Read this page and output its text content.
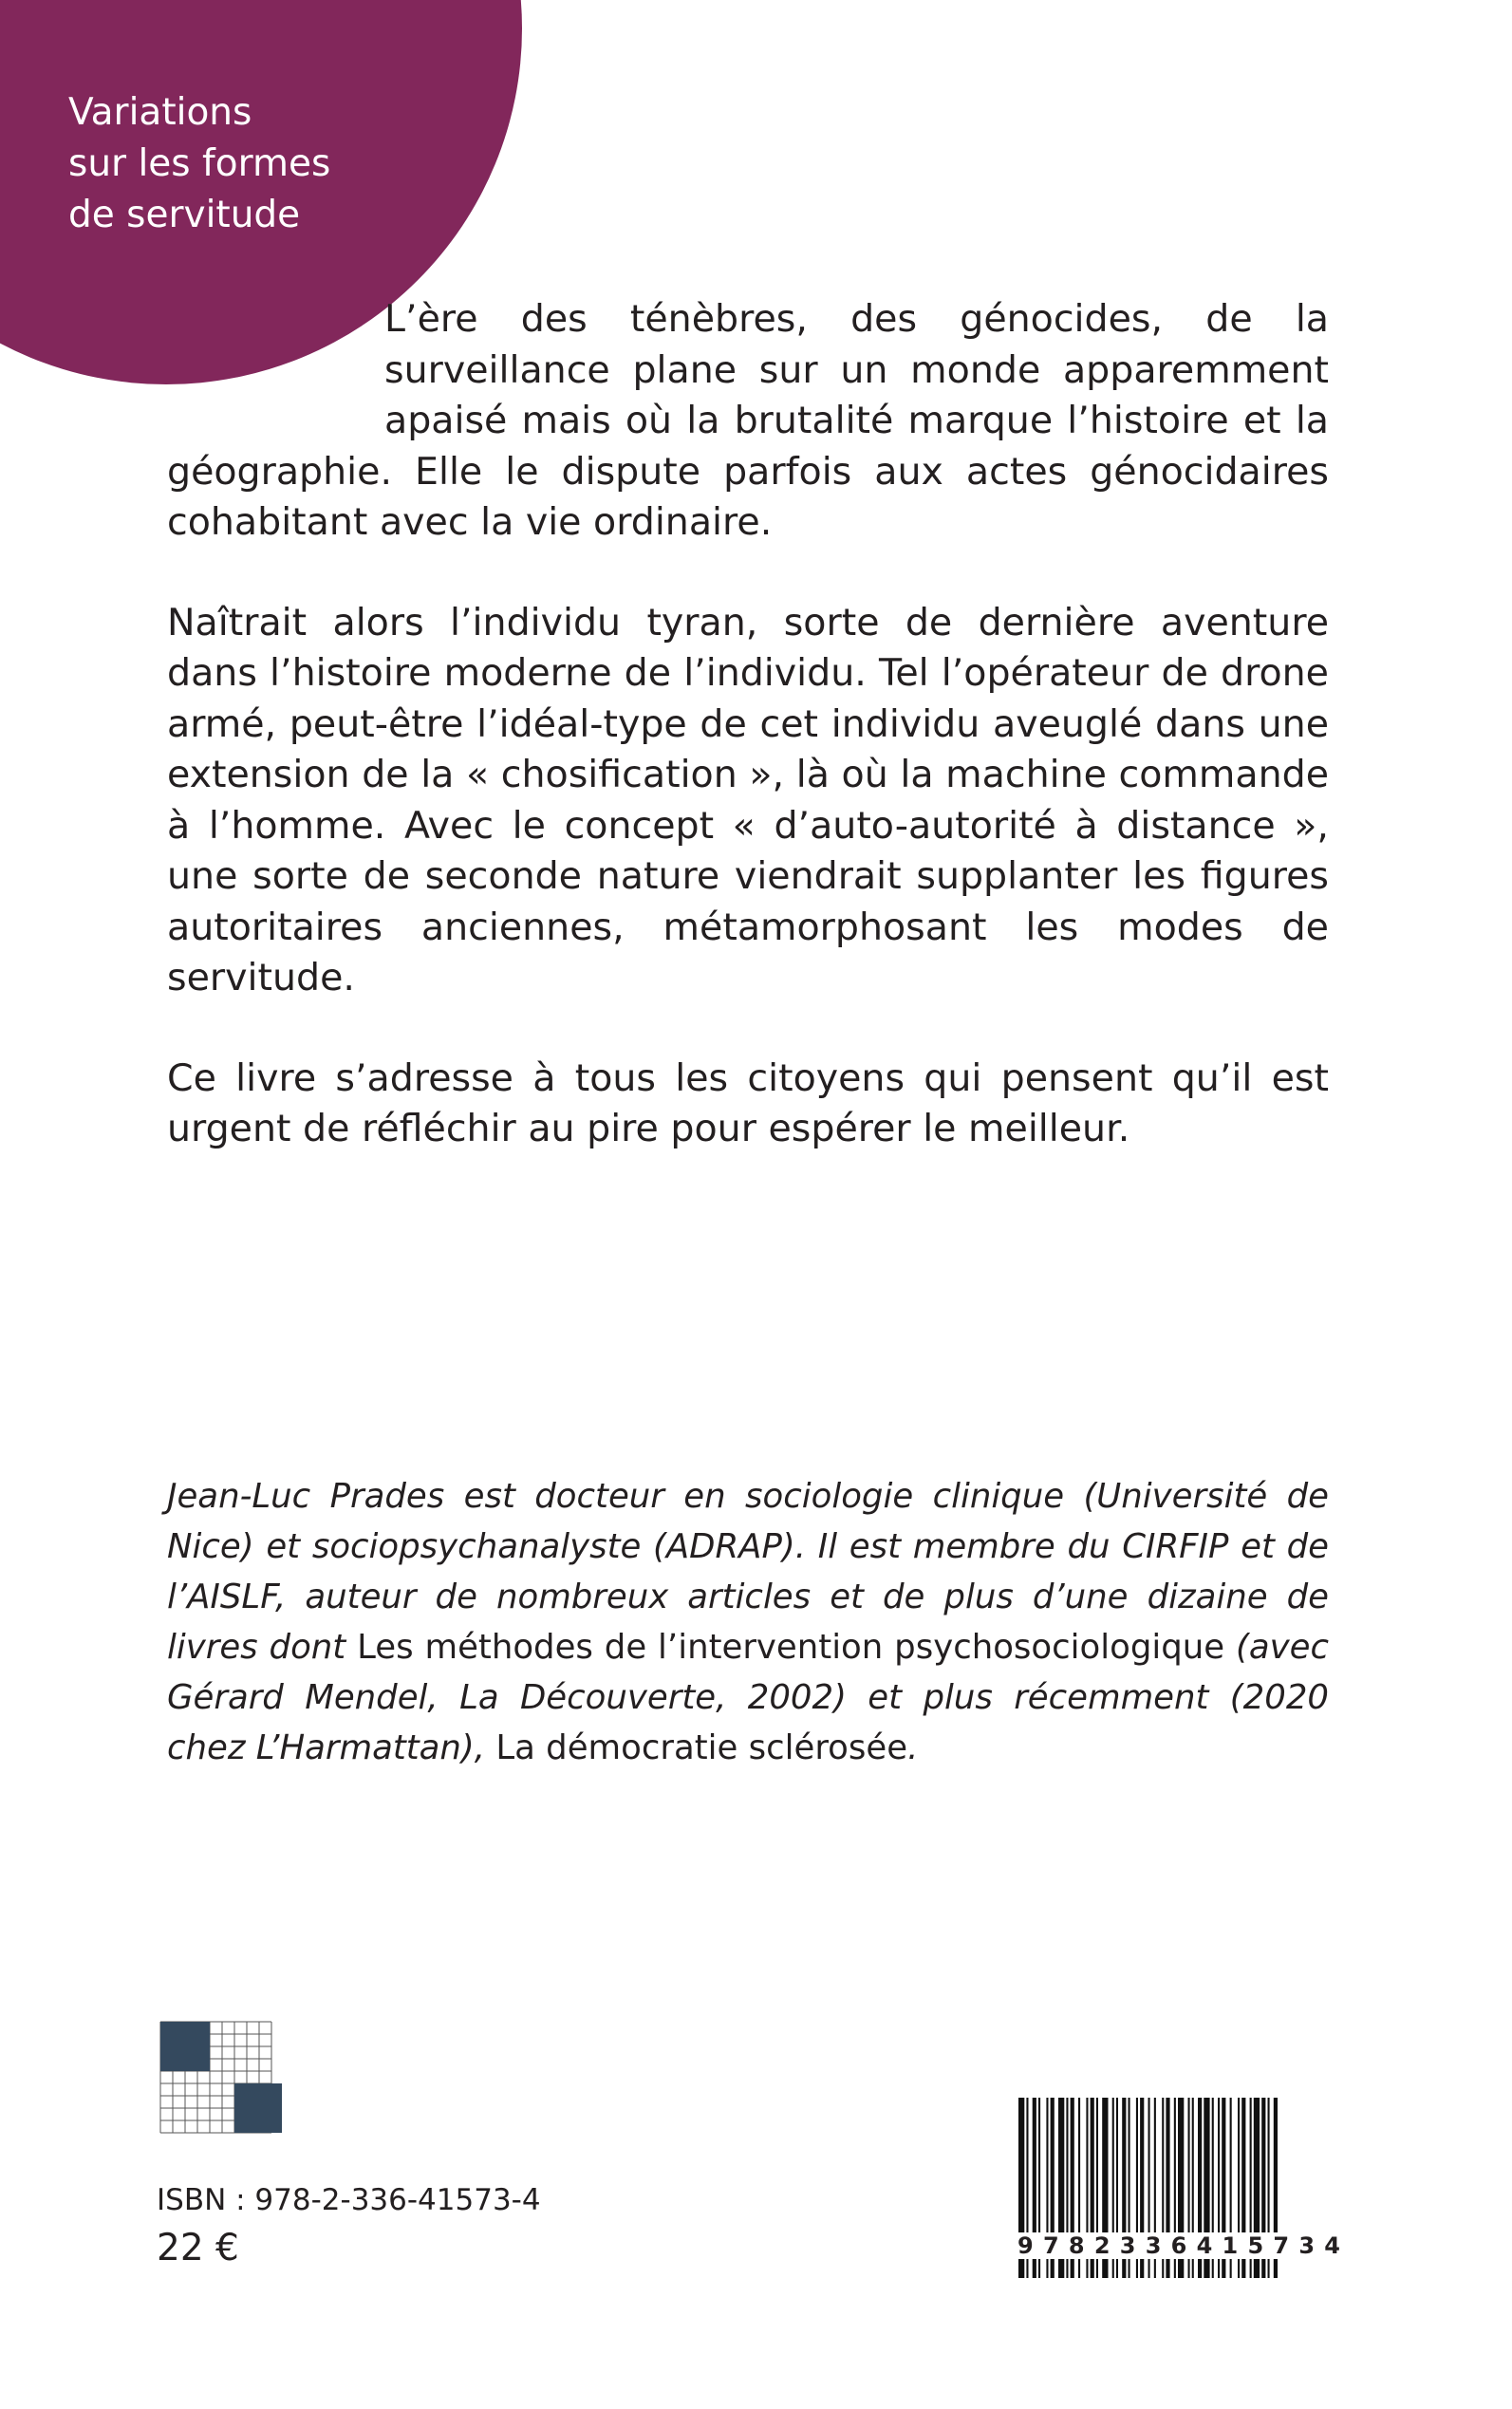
Variations
sur les formes
de servitude

L’ère des ténèbres, des génocides, de la surveillance plane sur un monde apparemment apaisé mais où la brutalité marque l’histoire et la géographie. Elle le dispute parfois aux actes génocidaires cohabitant avec la vie ordinaire.

Naîtrait alors l’individu tyran, sorte de dernière aventure dans l’histoire moderne de l’individu. Tel l’opérateur de drone armé, peut-être l’idéal-type de cet individu aveuglé dans une extension de la « chosification », là où la machine commande à l’homme. Avec le concept « d’auto-autorité à distance », une sorte de seconde nature viendrait supplanter les figures autoritaires anciennes, métamorphosant les modes de servitude.

Ce livre s’adresse à tous les citoyens qui pensent qu’il est urgent de réfléchir au pire pour espérer le meilleur.

Jean-Luc Prades est docteur en sociologie clinique (Université de Nice) et sociopsychanalyste (ADRAP). Il est membre du CIRFIP et de l’AISLF, auteur de nombreux articles et de plus d’une dizaine de livres dont Les méthodes de l’intervention psychosociologique (avec Gérard Mendel, La Découverte, 2002) et plus récemment (2020 chez L’Harmattan), La démocratie sclérosée.

ISBN : 978-2-336-41573-4

22 €	9 7 8 2 3 3 6 4 1 5 7 3 4
